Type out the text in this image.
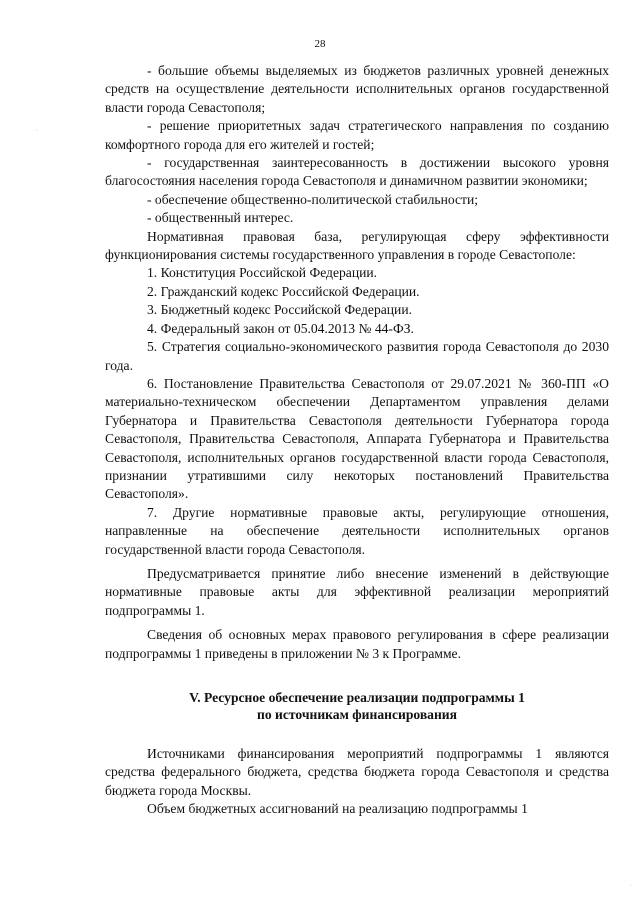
28
·

- большие объемы выделяемых из бюджетов различных уровней денежных средств на осуществление деятельности исполнительных органов государственной власти города Севастополя;

- решение приоритетных задач стратегического направления по созданию комфортного города для его жителей и гостей;

- государственная заинтересованность в достижении высокого уровня благосостояния населения города Севастополя и динамичном развитии экономики;

- обеспечение общественно-политической стабильности;

- общественный интерес.

Нормативная правовая база, регулирующая сферу эффективности функционирования системы государственного управления в городе Севастополе:

1. Конституция Российской Федерации.

2. Гражданский кодекс Российской Федерации.

3. Бюджетный кодекс Российской Федерации.

4. Федеральный закон от 05.04.2013 № 44-ФЗ.

5. Стратегия социально-экономического развития города Севастополя до 2030 года.

6. Постановление Правительства Севастополя от 29.07.2021 № 360-ПП «О материально-техническом обеспечении Департаментом управления делами Губернатора и Правительства Севастополя деятельности Губернатора города Севастополя, Правительства Севастополя, Аппарата Губернатора и Правительства Севастополя, исполнительных органов государственной власти города Севастополя, признании утратившими силу некоторых постановлений Правительства Севастополя».

7. Другие нормативные правовые акты, регулирующие отношения, направленные на обеспечение деятельности исполнительных органов государственной власти города Севастополя.

Предусматривается принятие либо внесение изменений в действующие нормативные правовые акты для эффективной реализации мероприятий подпрограммы 1.

Сведения об основных мерах правового регулирования в сфере реализации подпрограммы 1 приведены в приложении № 3 к Программе.

V. Ресурсное обеспечение реализации подпрограммы 1
по источникам финансирования

Источниками финансирования мероприятий подпрограммы 1 являются средства федерального бюджета, средства бюджета города Севастополя и средства бюджета города Москвы.

Объем бюджетных ассигнований на реализацию подпрограммы 1

·
